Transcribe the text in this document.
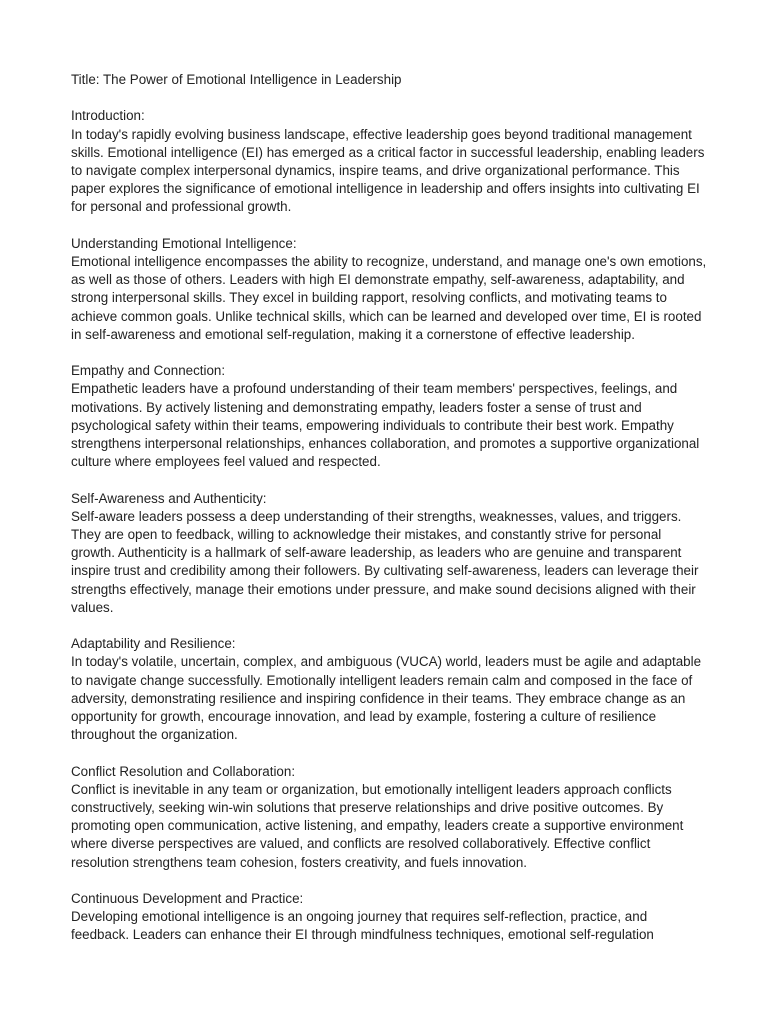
Title: The Power of Emotional Intelligence in Leadership
Introduction:
In today's rapidly evolving business landscape, effective leadership goes beyond traditional management
skills. Emotional intelligence (EI) has emerged as a critical factor in successful leadership, enabling leaders
to navigate complex interpersonal dynamics, inspire teams, and drive organizational performance. This
paper explores the significance of emotional intelligence in leadership and offers insights into cultivating EI
for personal and professional growth.
Understanding Emotional Intelligence:
Emotional intelligence encompasses the ability to recognize, understand, and manage one's own emotions,
as well as those of others. Leaders with high EI demonstrate empathy, self-awareness, adaptability, and
strong interpersonal skills. They excel in building rapport, resolving conflicts, and motivating teams to
achieve common goals. Unlike technical skills, which can be learned and developed over time, EI is rooted
in self-awareness and emotional self-regulation, making it a cornerstone of effective leadership.
Empathy and Connection:
Empathetic leaders have a profound understanding of their team members' perspectives, feelings, and
motivations. By actively listening and demonstrating empathy, leaders foster a sense of trust and
psychological safety within their teams, empowering individuals to contribute their best work. Empathy
strengthens interpersonal relationships, enhances collaboration, and promotes a supportive organizational
culture where employees feel valued and respected.
Self-Awareness and Authenticity:
Self-aware leaders possess a deep understanding of their strengths, weaknesses, values, and triggers.
They are open to feedback, willing to acknowledge their mistakes, and constantly strive for personal
growth. Authenticity is a hallmark of self-aware leadership, as leaders who are genuine and transparent
inspire trust and credibility among their followers. By cultivating self-awareness, leaders can leverage their
strengths effectively, manage their emotions under pressure, and make sound decisions aligned with their
values.
Adaptability and Resilience:
In today's volatile, uncertain, complex, and ambiguous (VUCA) world, leaders must be agile and adaptable
to navigate change successfully. Emotionally intelligent leaders remain calm and composed in the face of
adversity, demonstrating resilience and inspiring confidence in their teams. They embrace change as an
opportunity for growth, encourage innovation, and lead by example, fostering a culture of resilience
throughout the organization.
Conflict Resolution and Collaboration:
Conflict is inevitable in any team or organization, but emotionally intelligent leaders approach conflicts
constructively, seeking win-win solutions that preserve relationships and drive positive outcomes. By
promoting open communication, active listening, and empathy, leaders create a supportive environment
where diverse perspectives are valued, and conflicts are resolved collaboratively. Effective conflict
resolution strengthens team cohesion, fosters creativity, and fuels innovation.
Continuous Development and Practice:
Developing emotional intelligence is an ongoing journey that requires self-reflection, practice, and
feedback. Leaders can enhance their EI through mindfulness techniques, emotional self-regulation
